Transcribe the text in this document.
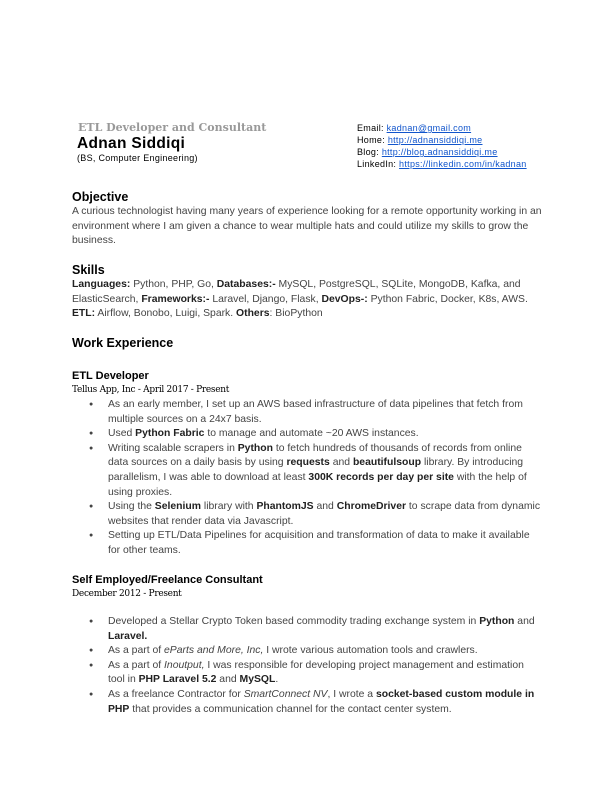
ETL Developer and Consultant
Adnan Siddiqi
(BS, Computer Engineering)
Email: kadnan@gmail.com
Home: http://adnansiddiqi.me
Blog: http://blog.adnansiddiqi.me
LinkedIn: https://linkedin.com/in/kadnan
Objective
A curious technologist having many years of experience looking for a remote opportunity working in an environment where I am given a chance to wear multiple hats and could utilize my skills to grow the business.
Skills
Languages: Python, PHP, Go, Databases:- MySQL, PostgreSQL, SQLite, MongoDB, Kafka, and ElasticSearch, Frameworks:- Laravel, Django, Flask, DevOps-: Python Fabric, Docker, K8s, AWS. ETL: Airflow, Bonobo, Luigi, Spark. Others: BioPython
Work Experience
ETL Developer
Tellus App, Inc - April 2017 - Present
● As an early member, I set up an AWS based infrastructure of data pipelines that fetch from multiple sources on a 24x7 basis.
● Used Python Fabric to manage and automate ~20 AWS instances.
● Writing scalable scrapers in Python to fetch hundreds of thousands of records from online data sources on a daily basis by using requests and beautifulsoup library. By introducing parallelism, I was able to download at least 300K records per day per site with the help of using proxies.
● Using the Selenium library with PhantomJS and ChromeDriver to scrape data from dynamic websites that render data via Javascript.
● Setting up ETL/Data Pipelines for acquisition and transformation of data to make it available for other teams.
Self Employed/Freelance Consultant
December 2012 - Present
● Developed a Stellar Crypto Token based commodity trading exchange system in Python and Laravel.
● As a part of eParts and More, Inc, I wrote various automation tools and crawlers.
● As a part of Inoutput, I was responsible for developing project management and estimation tool in PHP Laravel 5.2 and MySQL.
● As a freelance Contractor for SmartConnect NV, I wrote a socket-based custom module in PHP that provides a communication channel for the contact center system.
